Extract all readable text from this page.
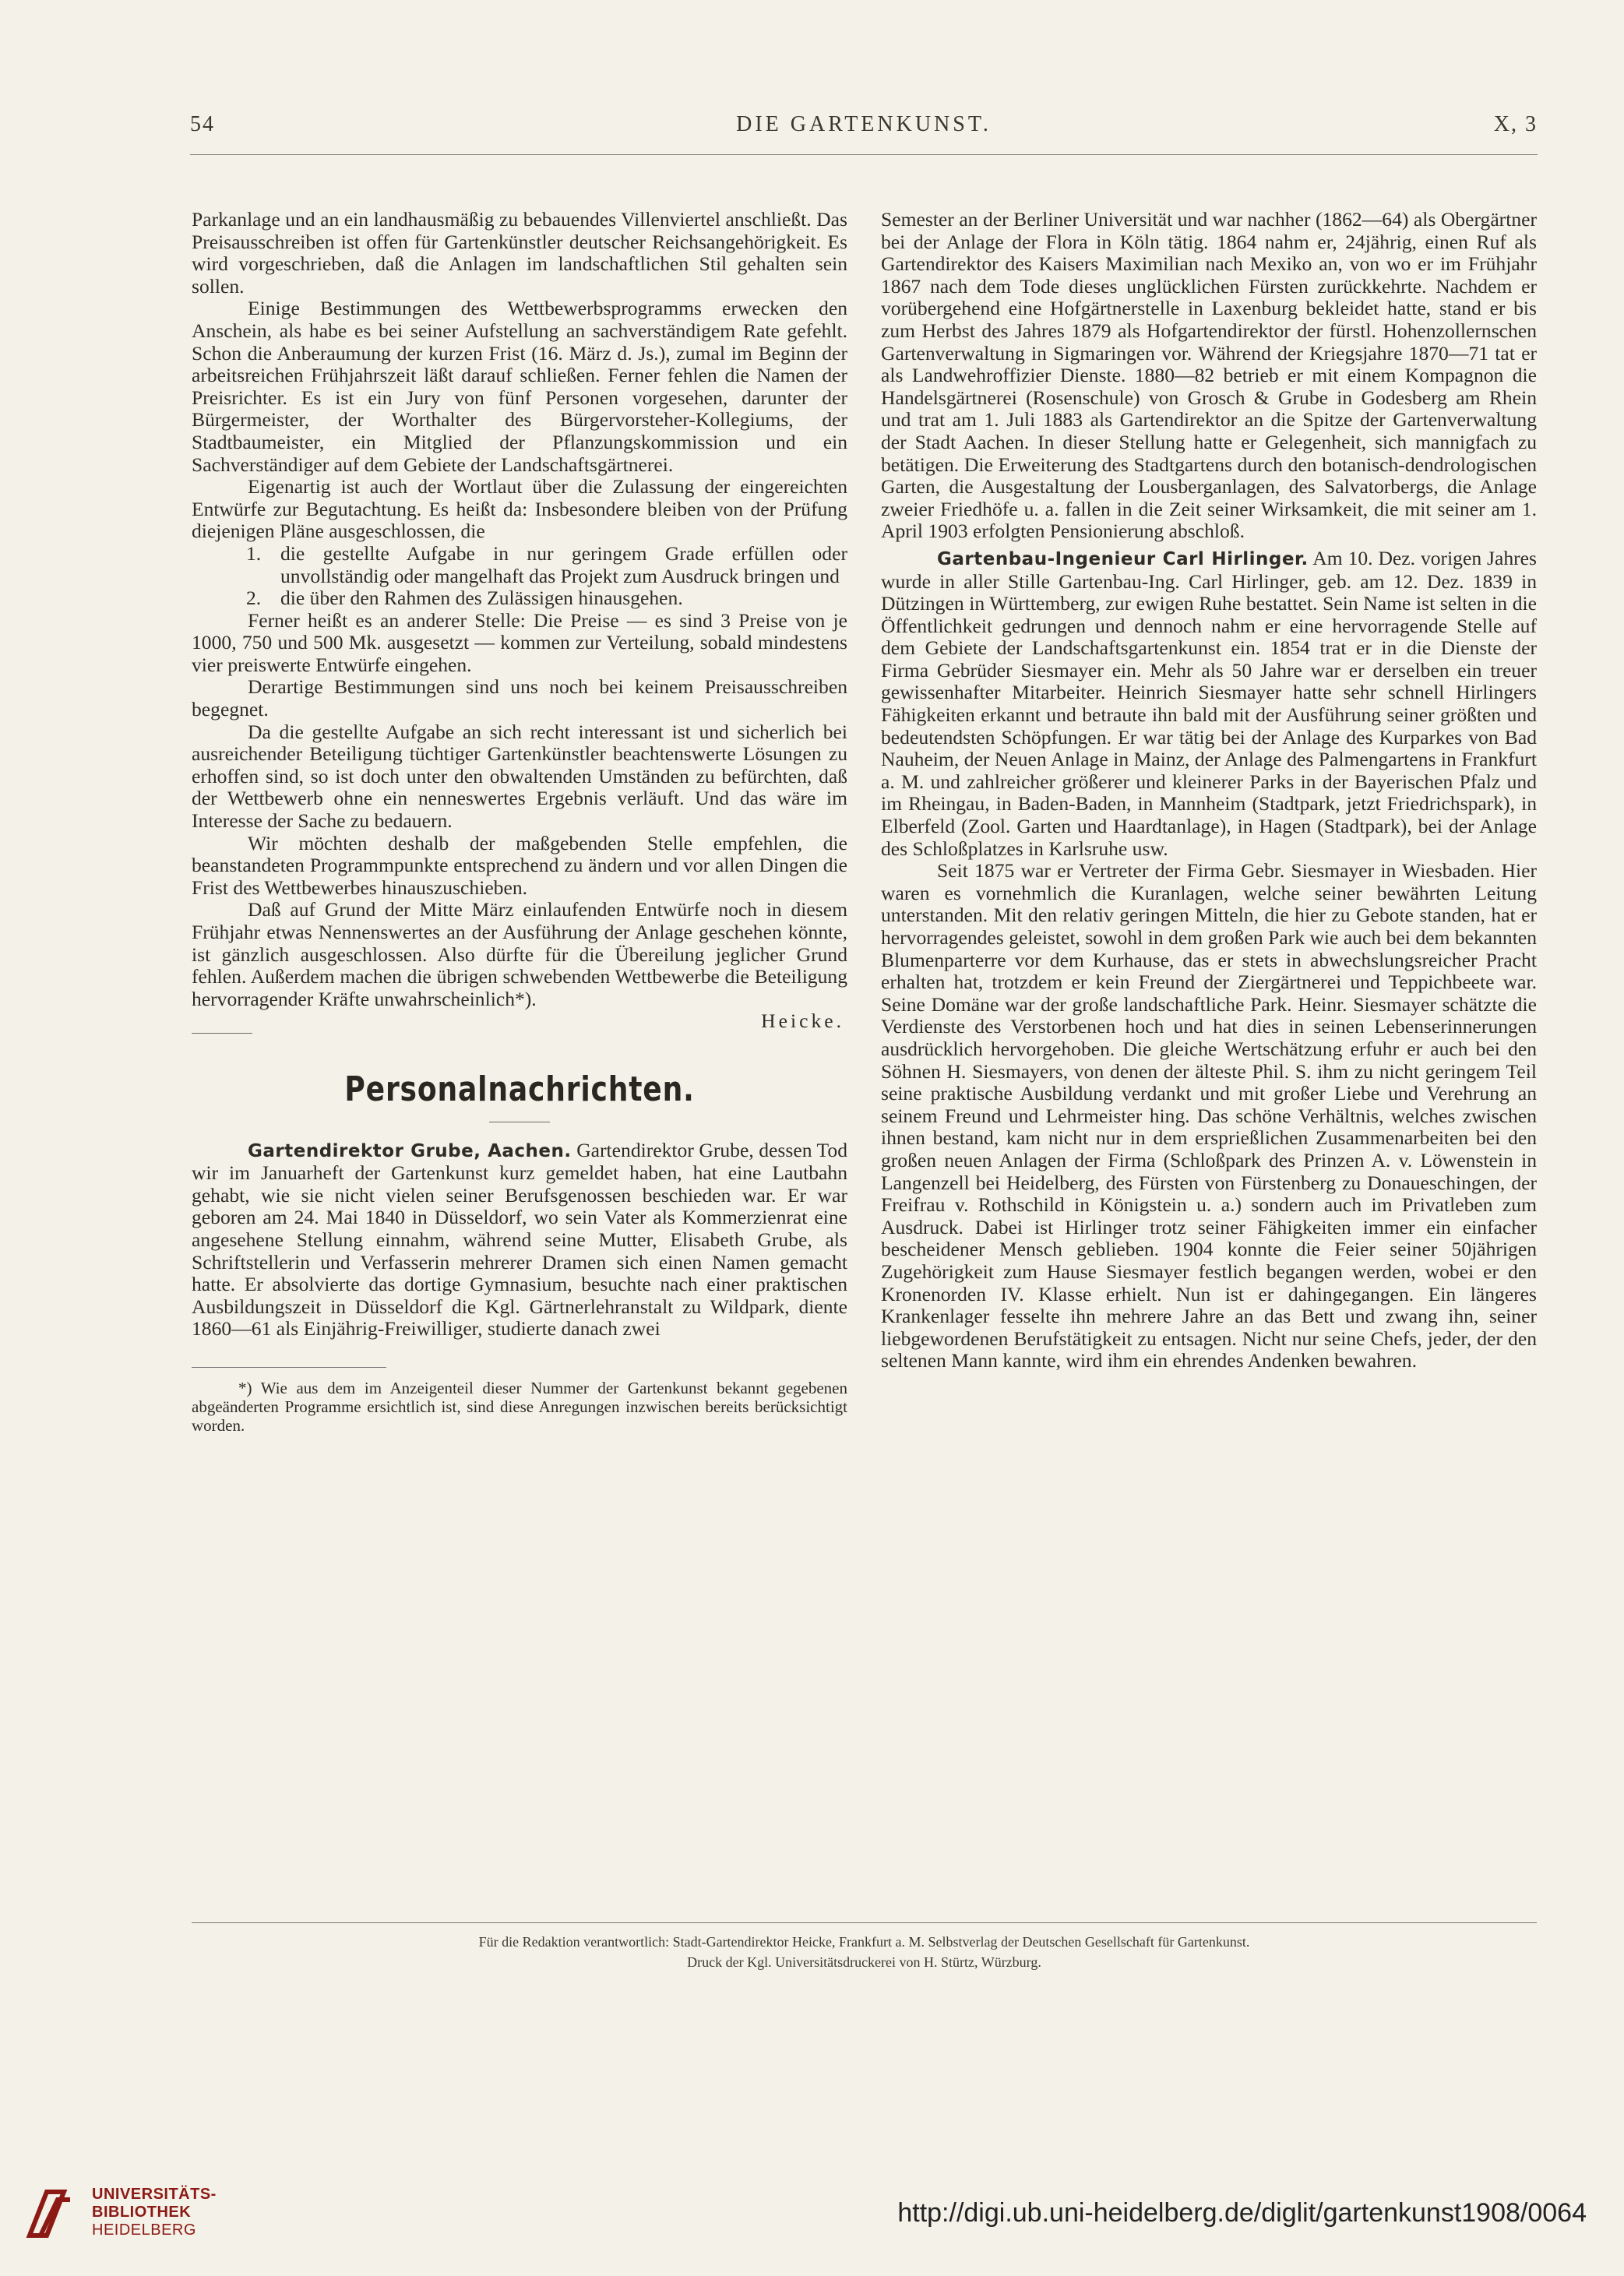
54	DIE GARTENKUNST.	X, 3

Parkanlage und an ein landhausmäßig zu bebauendes Villenviertel anschließt. Das Preisausschreiben ist offen für Gartenkünstler deutscher Reichsangehörigkeit. Es wird vorgeschrieben, daß die Anlagen im landschaftlichen Stil gehalten sein sollen.

Einige Bestimmungen des Wettbewerbsprogramms erwecken den Anschein, als habe es bei seiner Aufstellung an sachverständigem Rate gefehlt. Schon die Anberaumung der kurzen Frist (16. März d. Js.), zumal im Beginn der arbeitsreichen Frühjahrszeit läßt darauf schließen. Ferner fehlen die Namen der Preisrichter. Es ist ein Jury von fünf Personen vorgesehen, darunter der Bürgermeister, der Worthalter des Bürgervorsteher-Kollegiums, der Stadtbaumeister, ein Mitglied der Pflanzungskommission und ein Sachverständiger auf dem Gebiete der Landschaftsgärtnerei.

Eigenartig ist auch der Wortlaut über die Zulassung der eingereichten Entwürfe zur Begutachtung. Es heißt da: Insbesondere bleiben von der Prüfung diejenigen Pläne ausgeschlossen, die

1. die gestellte Aufgabe in nur geringem Grade erfüllen oder unvollständig oder mangelhaft das Projekt zum Ausdruck bringen und
2. die über den Rahmen des Zulässigen hinausgehen.

Ferner heißt es an anderer Stelle: Die Preise — es sind 3 Preise von je 1000, 750 und 500 Mk. ausgesetzt — kommen zur Verteilung, sobald mindestens vier preiswerte Entwürfe eingehen.

Derartige Bestimmungen sind uns noch bei keinem Preisausschreiben begegnet.

Da die gestellte Aufgabe an sich recht interessant ist und sicherlich bei ausreichender Beteiligung tüchtiger Gartenkünstler beachtenswerte Lösungen zu erhoffen sind, so ist doch unter den obwaltenden Umständen zu befürchten, daß der Wettbewerb ohne ein nenneswertes Ergebnis verläuft. Und das wäre im Interesse der Sache zu bedauern.

Wir möchten deshalb der maßgebenden Stelle empfehlen, die beanstandeten Programmpunkte entsprechend zu ändern und vor allen Dingen die Frist des Wettbewerbes hinauszuschieben.

Daß auf Grund der Mitte März einlaufenden Entwürfe noch in diesem Frühjahr etwas Nennenswertes an der Ausführung der Anlage geschehen könnte, ist gänzlich ausgeschlossen. Also dürfte für die Übereilung jeglicher Grund fehlen. Außerdem machen die übrigen schwebenden Wettbewerbe die Beteiligung hervorragender Kräfte unwahrscheinlich*).

Heicke.

Personalnachrichten.

Gartendirektor Grube, Aachen. Gartendirektor Grube, dessen Tod wir im Januarheft der Gartenkunst kurz gemeldet haben, hat eine Lautbahn gehabt, wie sie nicht vielen seiner Berufsgenossen beschieden war. Er war geboren am 24. Mai 1840 in Düsseldorf, wo sein Vater als Kommerzienrat eine angesehene Stellung einnahm, während seine Mutter, Elisabeth Grube, als Schriftstellerin und Verfasserin mehrerer Dramen sich einen Namen gemacht hatte. Er absolvierte das dortige Gymnasium, besuchte nach einer praktischen Ausbildungszeit in Düsseldorf die Kgl. Gärtnerlehranstalt zu Wildpark, diente 1860—61 als Einjährig-Freiwilliger, studierte danach zwei

*) Wie aus dem im Anzeigenteil dieser Nummer der Gartenkunst bekannt gegebenen abgeänderten Programme ersichtlich ist, sind diese Anregungen inzwischen bereits berücksichtigt worden.

Semester an der Berliner Universität und war nachher (1862—64) als Obergärtner bei der Anlage der Flora in Köln tätig. 1864 nahm er, 24jährig, einen Ruf als Gartendirektor des Kaisers Maximilian nach Mexiko an, von wo er im Frühjahr 1867 nach dem Tode dieses unglücklichen Fürsten zurückkehrte. Nachdem er vorübergehend eine Hofgärtnerstelle in Laxenburg bekleidet hatte, stand er bis zum Herbst des Jahres 1879 als Hofgartendirektor der fürstl. Hohenzollernschen Gartenverwaltung in Sigmaringen vor. Während der Kriegsjahre 1870—71 tat er als Landwehroffizier Dienste. 1880—82 betrieb er mit einem Kompagnon die Handelsgärtnerei (Rosenschule) von Grosch & Grube in Godesberg am Rhein und trat am 1. Juli 1883 als Gartendirektor an die Spitze der Gartenverwaltung der Stadt Aachen. In dieser Stellung hatte er Gelegenheit, sich mannigfach zu betätigen. Die Erweiterung des Stadtgartens durch den botanisch-dendrologischen Garten, die Ausgestaltung der Lousberganlagen, des Salvatorbergs, die Anlage zweier Friedhöfe u. a. fallen in die Zeit seiner Wirksamkeit, die mit seiner am 1. April 1903 erfolgten Pensionierung abschloß.

Gartenbau-Ingenieur Carl Hirlinger. Am 10. Dez. vorigen Jahres wurde in aller Stille Gartenbau-Ing. Carl Hirlinger, geb. am 12. Dez. 1839 in Dützingen in Württemberg, zur ewigen Ruhe bestattet. Sein Name ist selten in die Öffentlichkeit gedrungen und dennoch nahm er eine hervorragende Stelle auf dem Gebiete der Landschaftsgartenkunst ein. 1854 trat er in die Dienste der Firma Gebrüder Siesmayer ein. Mehr als 50 Jahre war er derselben ein treuer gewissenhafter Mitarbeiter. Heinrich Siesmayer hatte sehr schnell Hirlingers Fähigkeiten erkannt und betraute ihn bald mit der Ausführung seiner größten und bedeutendsten Schöpfungen. Er war tätig bei der Anlage des Kurparkes von Bad Nauheim, der Neuen Anlage in Mainz, der Anlage des Palmengartens in Frankfurt a. M. und zahlreicher größerer und kleinerer Parks in der Bayerischen Pfalz und im Rheingau, in Baden-Baden, in Mannheim (Stadtpark, jetzt Friedrichspark), in Elberfeld (Zool. Garten und Haardtanlage), in Hagen (Stadtpark), bei der Anlage des Schloßplatzes in Karlsruhe usw.

Seit 1875 war er Vertreter der Firma Gebr. Siesmayer in Wiesbaden. Hier waren es vornehmlich die Kuranlagen, welche seiner bewährten Leitung unterstanden. Mit den relativ geringen Mitteln, die hier zu Gebote standen, hat er hervorragendes geleistet, sowohl in dem großen Park wie auch bei dem bekannten Blumenparterre vor dem Kurhause, das er stets in abwechslungsreicher Pracht erhalten hat, trotzdem er kein Freund der Ziergärtnerei und Teppichbeete war. Seine Domäne war der große landschaftliche Park. Heinr. Siesmayer schätzte die Verdienste des Verstorbenen hoch und hat dies in seinen Lebenserinnerungen ausdrücklich hervorgehoben. Die gleiche Wertschätzung erfuhr er auch bei den Söhnen H. Siesmayers, von denen der älteste Phil. S. ihm zu nicht geringem Teil seine praktische Ausbildung verdankt und mit großer Liebe und Verehrung an seinem Freund und Lehrmeister hing. Das schöne Verhältnis, welches zwischen ihnen bestand, kam nicht nur in dem ersprießlichen Zusammenarbeiten bei den großen neuen Anlagen der Firma (Schloßpark des Prinzen A. v. Löwenstein in Langenzell bei Heidelberg, des Fürsten von Fürstenberg zu Donaueschingen, der Freifrau v. Rothschild in Königstein u. a.) sondern auch im Privatleben zum Ausdruck. Dabei ist Hirlinger trotz seiner Fähigkeiten immer ein einfacher bescheidener Mensch geblieben. 1904 konnte die Feier seiner 50jährigen Zugehörigkeit zum Hause Siesmayer festlich begangen werden, wobei er den Kronenorden IV. Klasse erhielt. Nun ist er dahingegangen. Ein längeres Krankenlager fesselte ihn mehrere Jahre an das Bett und zwang ihn, seiner liebgewordenen Berufstätigkeit zu entsagen. Nicht nur seine Chefs, jeder, der den seltenen Mann kannte, wird ihm ein ehrendes Andenken bewahren.

Für die Redaktion verantwortlich: Stadt-Gartendirektor Heicke, Frankfurt a. M. Selbstverlag der Deutschen Gesellschaft für Gartenkunst.
Druck der Kgl. Universitätsdruckerei von H. Stürtz, Würzburg.
UNIVERSITÄTS-
BIBLIOTHEK
HEIDELBERG
http://digi.ub.uni-heidelberg.de/diglit/gartenkunst1908/0064
